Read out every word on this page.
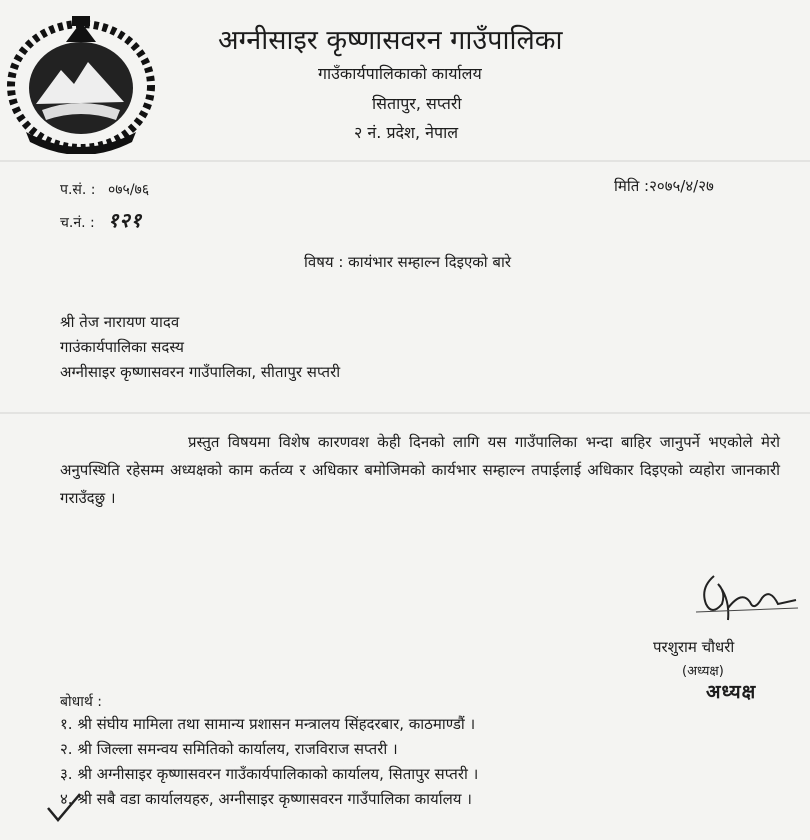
अग्नीसाइर कृष्णासवरन गाउँपालिका
गाउँकार्यपालिकाको कार्यालय
सितापुर, सप्तरी
२ नं. प्रदेश, नेपाल
प.सं. : ०७५/७६
च.नं. : १२१
मिति :२०७५/४/२७
विषय : कायंभार सम्हाल्न दिइएको बारे
श्री तेज नारायण यादव
गाउंकार्यपालिका सदस्य
अग्नीसाइर कृष्णासवरन गाउँपालिका, सीतापुर सप्तरी

प्रस्तुत विषयमा विशेष कारणवश केही दिनको लागि यस गाउँपालिका भन्दा बाहिर जानुपर्ने भएकोले मेरो अनुपस्थिति रहेसम्म अध्यक्षको काम कर्तव्य र अधिकार बमोजिमको कार्यभार सम्हाल्न तपाईलाई अधिकार दिइएको व्यहोरा जानकारी गराउँदछु ।

परशुराम चौधरी
(अध्यक्ष)
अध्यक्ष
बोधार्थ :
१. श्री संघीय मामिला तथा सामान्य प्रशासन मन्त्रालय सिंहदरबार, काठमाण्डौं ।
२. श्री जिल्ला समन्वय समितिको कार्यालय, राजविराज सप्तरी ।
३. श्री अग्नीसाइर कृष्णासवरन गाउँकार्यपालिकाको कार्यालय, सितापुर सप्तरी ।
४. श्री सबै वडा कार्यालयहरु, अग्नीसाइर कृष्णासवरन गाउँपालिका कार्यालय ।
